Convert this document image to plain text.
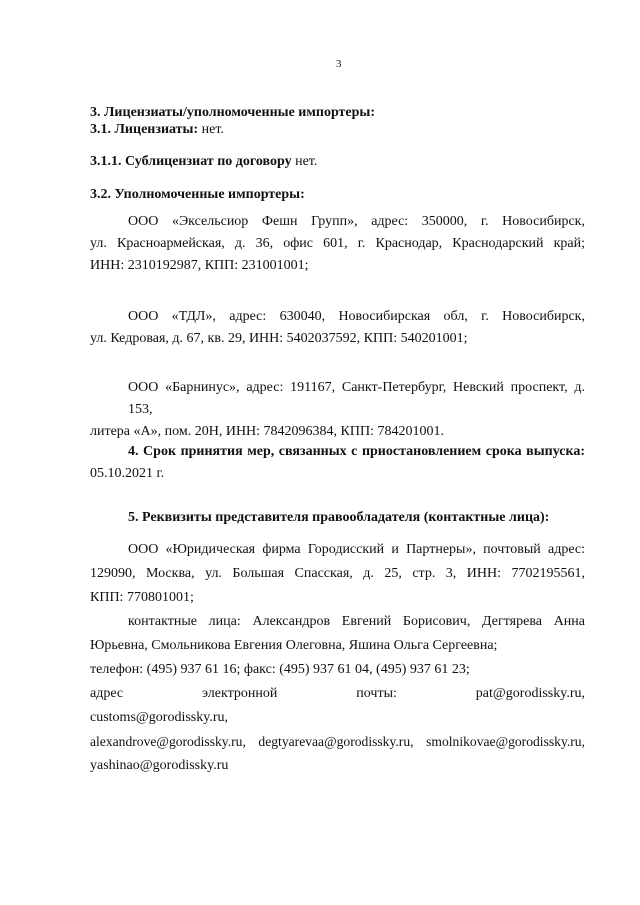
3
3. Лицензиаты/уполномоченные импортеры:
3.1. Лицензиаты: нет.
3.1.1. Сублицензиат по договору нет.
3.2. Уполномоченные импортеры:
ООО «Эксельсиор Фешн Групп», адрес: 350000, г. Новосибирск,
ул. Красноармейская, д. 36, офис 601, г. Краснодар, Краснодарский край;
ИНН: 2310192987, КПП: 231001001;
ООО «ТДЛ», адрес: 630040, Новосибирская обл, г. Новосибирск,
ул. Кедровая, д. 67, кв. 29, ИНН: 5402037592, КПП: 540201001;
ООО «Барнинус», адрес: 191167, Санкт-Петербург, Невский проспект, д. 153,
литера «А», пом. 20Н, ИНН: 7842096384, КПП: 784201001.
4. Срок принятия мер, связанных с приостановлением срока выпуска:
05.10.2021 г.
5. Реквизиты представителя правообладателя (контактные лица):
ООО «Юридическая фирма Городисский и Партнеры», почтовый адрес:
129090, Москва, ул. Большая Спасская, д. 25, стр. 3, ИНН: 7702195561,
КПП: 770801001;
контактные лица: Александров Евгений Борисович, Дегтярева Анна
Юрьевна, Смольникова Евгения Олеговна, Яшина Ольга Сергеевна;
телефон: (495) 937 61 16; факс: (495) 937 61 04, (495) 937 61 23;
адрес электронной почты: pat@gorodissky.ru, customs@gorodissky.ru,
alexandrove@gorodissky.ru, degtyarevaa@gorodissky.ru, smolnikovae@gorodissky.ru,
yashinao@gorodissky.ru
